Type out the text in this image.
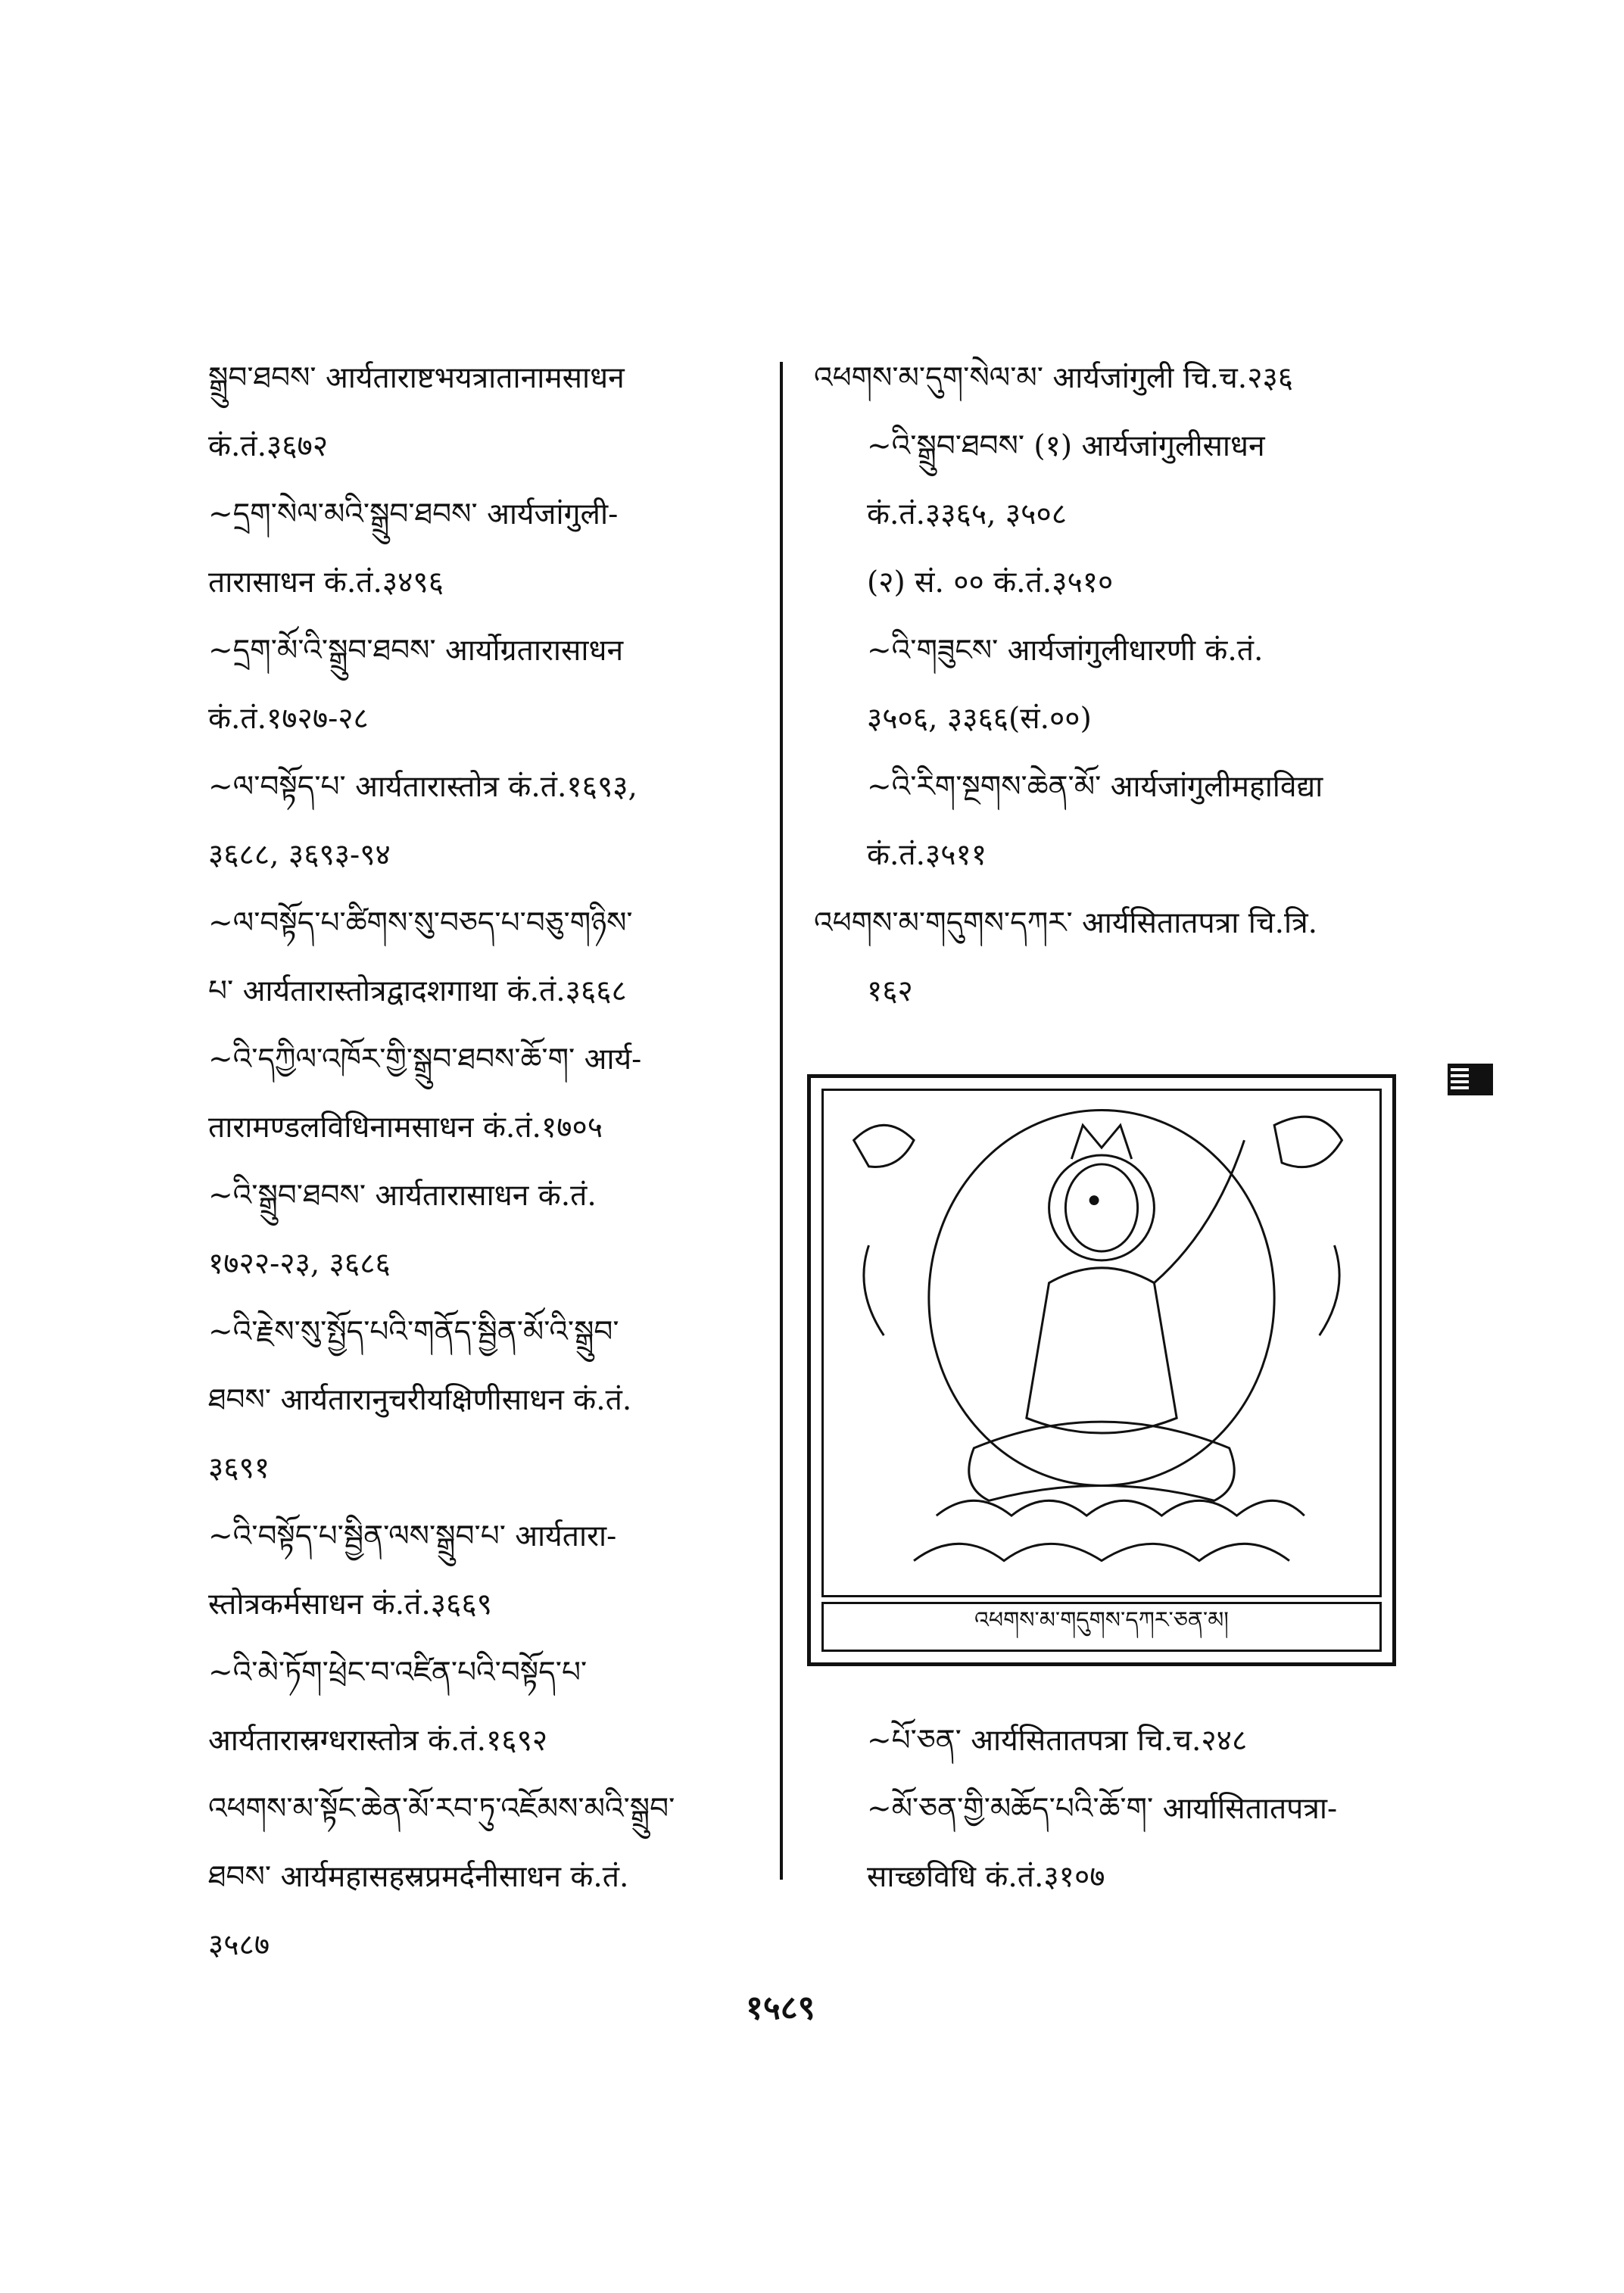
སྒྲུབ་ཐབས་ आर्यताराष्टभयत्रातानामसाधन
कं.तं.३६७२
~དྲག་སེལ་མའི་སྒྲུབ་ཐབས་ आर्यजांगुली-
तारासाधन कं.तं.३४९६
~དྲག་མོ་འི་སྒྲུབ་ཐབས་ आर्योग्रतारासाधन
कं.तं.१७२७-२८
~ལ་བསྟོད་པ་ आर्यतारास्तोत्र कं.तं.१६९३,
३६८८, ३६९३-९४
~ལ་བསྟོད་པ་ཚིགས་སུ་བཅད་པ་བཅུ་གཉིས་
པ་ आर्यतारास्तोत्रद्वादशगाथा कं.तं.३६६८
~འི་དཀྱིལ་འཁོར་གྱི་སྒྲུབ་ཐབས་ཆོ་ག་ आर्य-
तारामण्डलविधिनामसाधन कं.तं.१७०५
~འི་སྒྲུབ་ཐབས་ आर्यतारासाधन कं.तं.
१७२२-२३, ३६८६
~འི་རྗེས་སུ་སྤྱོད་པའི་གནོད་སྦྱིན་མོ་འི་སྒྲུབ་
ཐབས་ आर्यतारानुचरीयक्षिणीसाधन कं.तं.
३६९१
~འི་བསྟོད་པ་སྦྱིན་ལས་སྒྲུབ་པ་ आर्यतारा-
स्तोत्रकर्मसाधन कं.तं.३६६९
~འི་མེ་ཏོག་ཕྲེང་བ་འཛིན་པའི་བསྟོད་པ་
आर्यतारास्रग्धरास्तोत्र कं.तं.१६९२
འཕགས་མ་སྟོང་ཆེན་མོ་རབ་ཏུ་འཇོམས་མའི་སྒྲུབ་
ཐབས་ आर्यमहासहस्रप्रमर्दनीसाधन कं.तं.
३५८७
འཕགས་མ་དུག་སེལ་མ་ आर्यजांगुली चि.च.२३६
~འི་སྒྲུབ་ཐབས་ (१) आर्यजांगुलीसाधन
कं.तं.३३६५, ३५०८
(२) सं. ०० कं.तं.३५१०
~འི་གཟུངས་ आर्यजांगुलीधारणी कं.तं.
३५०६, ३३६६(सं.००)
~འི་རིག་སྔགས་ཆེན་མོ་ आर्यजांगुलीमहाविद्या
कं.तं.३५११
འཕགས་མ་གདུགས་དཀར་ आर्यसितातपत्रा चि.त्रि.
१६२
~པོ་ཅན་ आर्यसितातपत्रा चि.च.२४८
~མོ་ཅན་གྱི་མཆོད་པའི་ཆོ་ག་ आर्यासितातपत्रा-
साच्छविधि कं.तं.३१०७
འཕགས་མ་གདུགས་དཀར་ཅན་མ།
१५८९
